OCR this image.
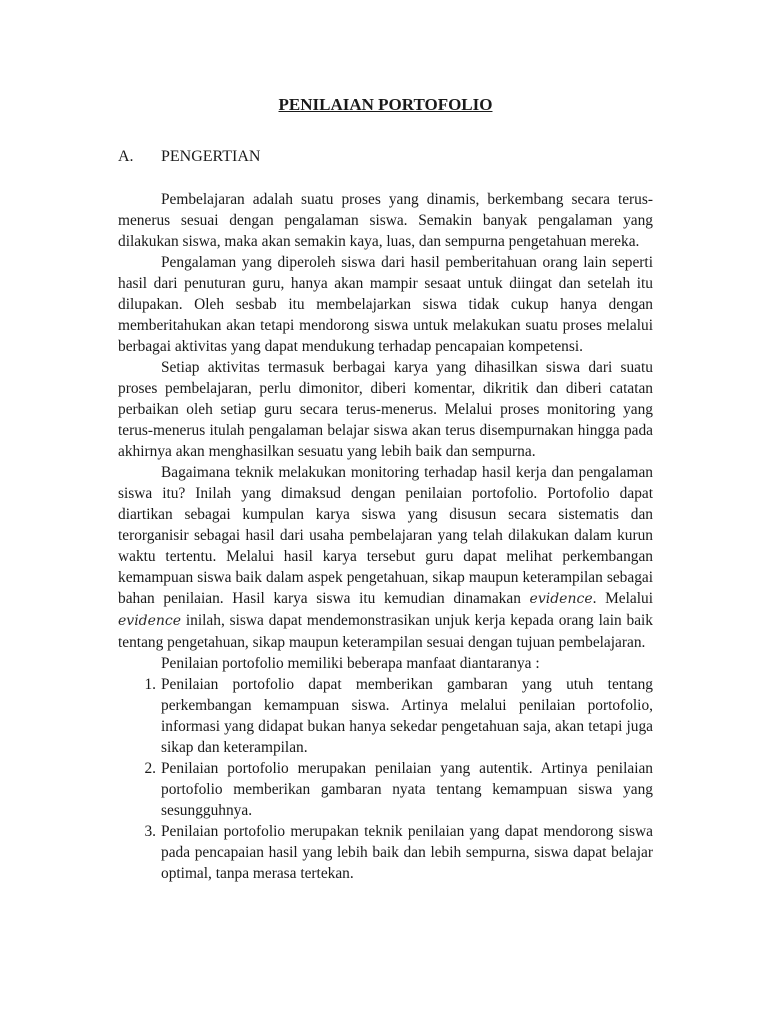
PENILAIAN PORTOFOLIO
A.	PENGERTIAN

Pembelajaran adalah suatu proses yang dinamis, berkembang secara terus-menerus sesuai dengan pengalaman siswa. Semakin banyak pengalaman yang dilakukan siswa, maka akan semakin kaya, luas, dan sempurna pengetahuan mereka.

Pengalaman yang diperoleh siswa dari hasil pemberitahuan orang lain seperti hasil dari penuturan guru, hanya akan mampir sesaat untuk diingat dan setelah itu dilupakan. Oleh sesbab itu membelajarkan siswa tidak cukup hanya dengan memberitahukan akan tetapi mendorong siswa untuk melakukan suatu proses melalui berbagai aktivitas yang dapat mendukung terhadap pencapaian kompetensi.

Setiap aktivitas termasuk berbagai karya yang dihasilkan siswa dari suatu proses pembelajaran, perlu dimonitor, diberi komentar, dikritik dan diberi catatan perbaikan oleh setiap guru secara terus-menerus. Melalui proses monitoring yang terus-menerus itulah pengalaman belajar siswa akan terus disempurnakan hingga pada akhirnya akan menghasilkan sesuatu yang lebih baik dan sempurna.

Bagaimana teknik melakukan monitoring terhadap hasil kerja dan pengalaman siswa itu? Inilah yang dimaksud dengan penilaian portofolio. Portofolio dapat diartikan sebagai kumpulan karya siswa yang disusun secara sistematis dan terorganisir sebagai hasil dari usaha pembelajaran yang telah dilakukan dalam kurun waktu tertentu. Melalui hasil karya tersebut guru dapat melihat perkembangan kemampuan siswa baik dalam aspek pengetahuan, sikap maupun keterampilan sebagai bahan penilaian. Hasil karya siswa itu kemudian dinamakan evidence. Melalui evidence inilah, siswa dapat mendemonstrasikan unjuk kerja kepada orang lain baik tentang pengetahuan, sikap maupun keterampilan sesuai dengan tujuan pembelajaran.

Penilaian portofolio memiliki beberapa manfaat diantaranya :

1. Penilaian portofolio dapat memberikan gambaran yang utuh tentang perkembangan kemampuan siswa. Artinya melalui penilaian portofolio, informasi yang didapat bukan hanya sekedar pengetahuan saja, akan tetapi juga sikap dan keterampilan.
2. Penilaian portofolio merupakan penilaian yang autentik. Artinya penilaian portofolio memberikan gambaran nyata tentang kemampuan siswa yang sesungguhnya.
3. Penilaian portofolio merupakan teknik penilaian yang dapat mendorong siswa pada pencapaian hasil yang lebih baik dan lebih sempurna, siswa dapat belajar optimal, tanpa merasa tertekan.
